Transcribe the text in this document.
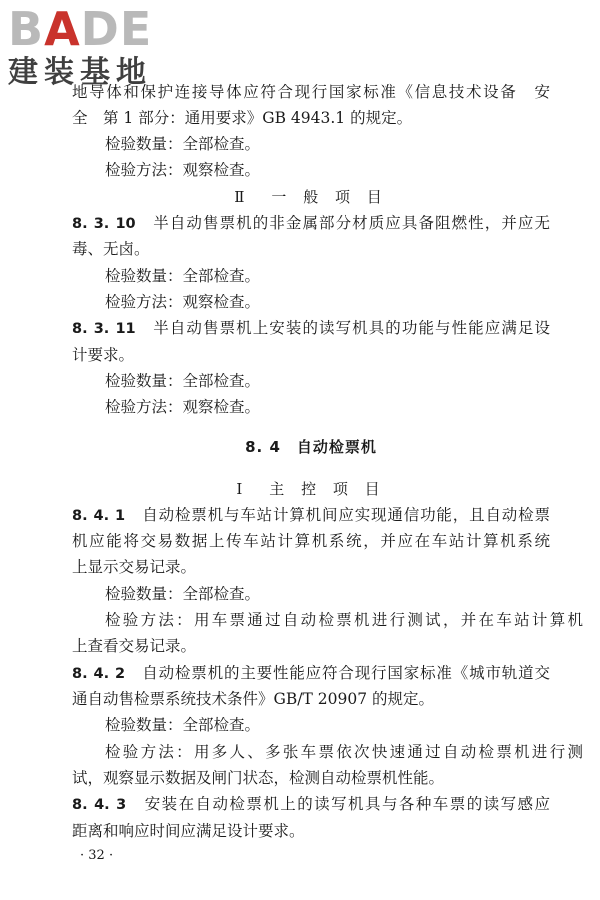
BADE
建装基地
地导体和保护连接导体应符合现行国家标准《信息技术设备　安
全　第 1 部分：通用要求》GB 4943.1 的规定。
检验数量：全部检查。
检验方法：观察检查。
Ⅱ　一 般 项 目
8. 3. 10　 半自动售票机的非金属部分材质应具备阻燃性，并应无
毒、无卤。
检验数量：全部检查。
检验方法：观察检查。
8. 3. 11　 半自动售票机上安装的读写机具的功能与性能应满足设
计要求。
检验数量：全部检查。
检验方法：观察检查。
8. 4　自动检票机
Ⅰ　主 控 项 目
8. 4. 1　 自动检票机与车站计算机间应实现通信功能，且自动检票
机应能将交易数据上传车站计算机系统，并应在车站计算机系统
上显示交易记录。
检验数量：全部检查。
检验方法：用车票通过自动检票机进行测试，并在车站计算机
上查看交易记录。
8. 4. 2　 自动检票机的主要性能应符合现行国家标准《城市轨道交
通自动售检票系统技术条件》GB/T 20907 的规定。
检验数量：全部检查。
检验方法：用多人、多张车票依次快速通过自动检票机进行测
试，观察显示数据及闸门状态，检测自动检票机性能。
8. 4. 3　 安装在自动检票机上的读写机具与各种车票的读写感应
距离和响应时间应满足设计要求。
· 32 ·
